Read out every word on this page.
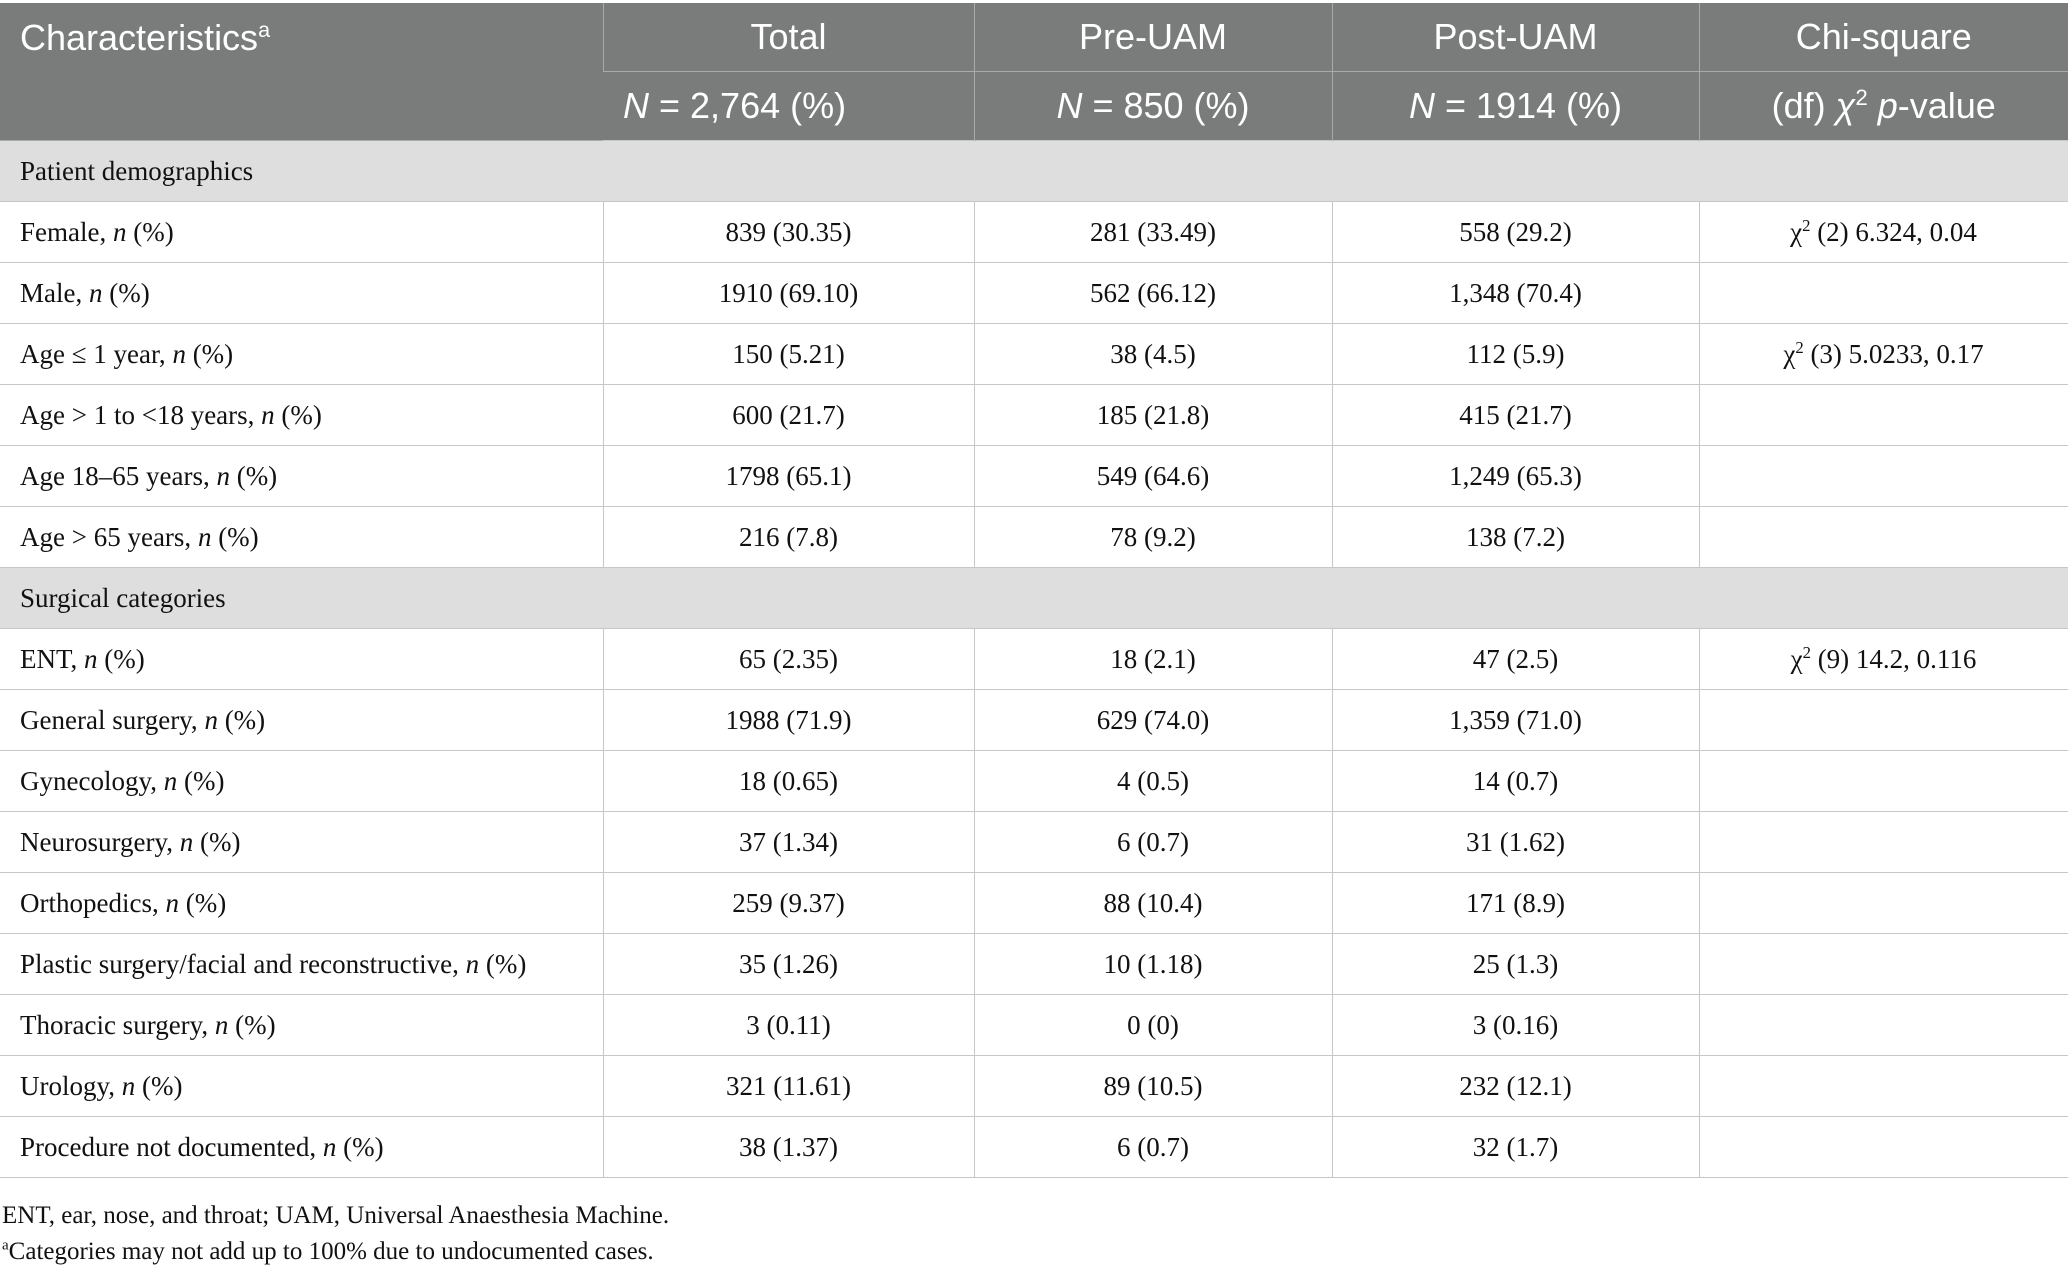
Characteristics$^a$	Total	Pre-UAM	Post-UAM	Chi-square
	N = 2,764 (%)	N = 850 (%)	N = 1914 (%)	(df) $\chi^2$ p-value
Patient demographics				
Female, n (%)	839 (30.35)	281 (33.49)	558 (29.2)	$\chi^2$ (2) 6.324, 0.04
Male, n (%)	1910 (69.10)	562 (66.12)	1,348 (70.4)	
Age ≤ 1 year, n (%)	150 (5.21)	38 (4.5)	112 (5.9)	$\chi^2$ (3) 5.0233, 0.17
Age > 1 to <18 years, n (%)	600 (21.7)	185 (21.8)	415 (21.7)	
Age 18–65 years, n (%)	1798 (65.1)	549 (64.6)	1,249 (65.3)	
Age > 65 years, n (%)	216 (7.8)	78 (9.2)	138 (7.2)	
Surgical categories				
ENT, n (%)	65 (2.35)	18 (2.1)	47 (2.5)	$\chi^2$ (9) 14.2, 0.116
General surgery, n (%)	1988 (71.9)	629 (74.0)	1,359 (71.0)	
Gynecology, n (%)	18 (0.65)	4 (0.5)	14 (0.7)	
Neurosurgery, n (%)	37 (1.34)	6 (0.7)	31 (1.62)	
Orthopedics, n (%)	259 (9.37)	88 (10.4)	171 (8.9)	
Plastic surgery/facial and reconstructive, n (%)	35 (1.26)	10 (1.18)	25 (1.3)	
Thoracic surgery, n (%)	3 (0.11)	0 (0)	3 (0.16)	
Urology, n (%)	321 (11.61)	89 (10.5)	232 (12.1)	
Procedure not documented, n (%)	38 (1.37)	6 (0.7)	32 (1.7)	

ENT, ear, nose, and throat; UAM, Universal Anaesthesia Machine.

$^a$Categories may not add up to 100% due to undocumented cases.
